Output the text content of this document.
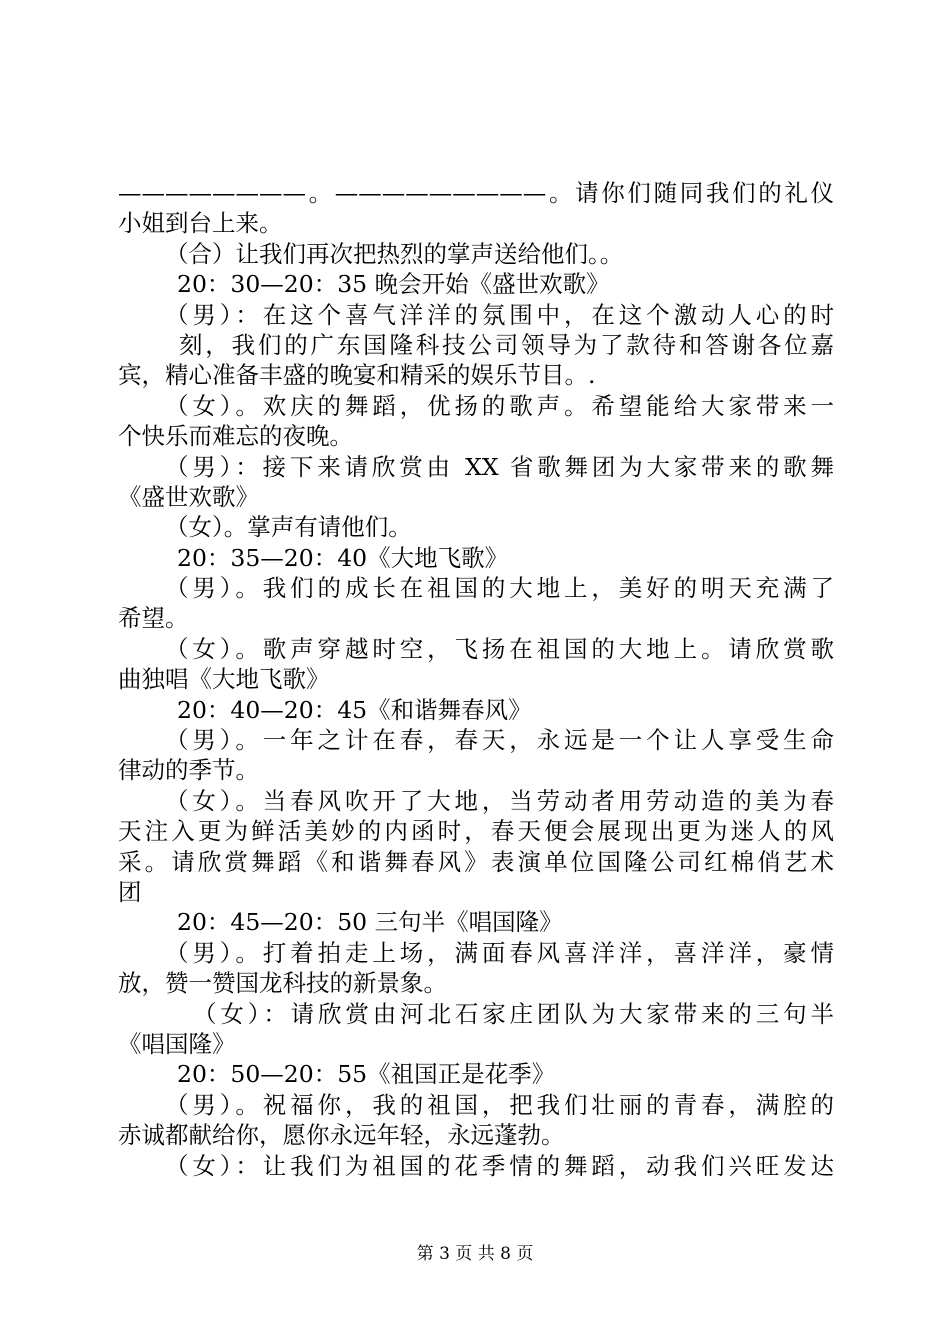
————————。—————————。请你们随同我们的礼仪
小姐到台上来。
（合）让我们再次把热烈的掌声送给他们。。
20：30—20：35 晚会开始《盛世欢歌》
（男）：在这个喜气洋洋的氛围中，在这个激动人心的时
刻，我们的广东国隆科技公司领导为了款待和答谢各位嘉
宾，精心准备丰盛的晚宴和精采的娱乐节目。.
（女）。欢庆的舞蹈，优扬的歌声。希望能给大家带来一
个快乐而难忘的夜晚。
（男）：接下来请欣赏由 XX 省歌舞团为大家带来的歌舞
《盛世欢歌》
（女）。掌声有请他们。
20：35—20：40《大地飞歌》
（男）。我们的成长在祖国的大地上，美好的明天充满了
希望。
（女）。歌声穿越时空，飞扬在祖国的大地上。请欣赏歌
曲独唱《大地飞歌》
20：40—20：45《和谐舞春风》
（男）。一年之计在春，春天，永远是一个让人享受生命
律动的季节。
（女）。当春风吹开了大地，当劳动者用劳动造的美为春
天注入更为鲜活美妙的内函时，春天便会展现出更为迷人的风
采。请欣赏舞蹈《和谐舞春风》表演单位国隆公司红棉俏艺术
团
20：45—20：50 三句半《唱国隆》
（男）。打着拍走上场，满面春风喜洋洋，喜洋洋，豪情
放，赞一赞国龙科技的新景象。
（女）：请欣赏由河北石家庄团队为大家带来的三句半
《唱国隆》
20：50—20：55《祖国正是花季》
（男）。祝福你，我的祖国，把我们壮丽的青春，满腔的
赤诚都献给你，愿你永远年轻，永远蓬勃。
（女）：让我们为祖国的花季情的舞蹈，动我们兴旺发达
第 3 页 共 8 页
